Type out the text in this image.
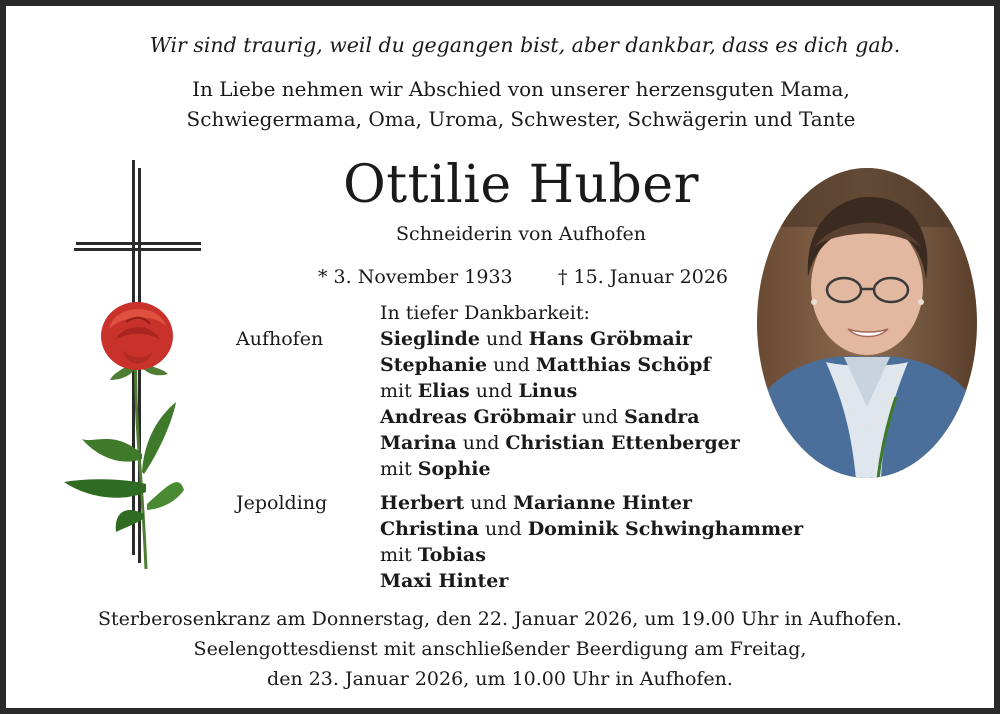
Wir sind traurig, weil du gegangen bist, aber dankbar, dass es dich gab.
In Liebe nehmen wir Abschied von unserer herzensguten Mama,
Schwiegermama, Oma, Uroma, Schwester, Schwägerin und Tante
Ottilie Huber
Schneiderin von Aufhofen
* 3. November 1933 † 15. Januar 2026
In tiefer Dankbarkeit:
Aufhofen	Sieglinde und Hans Gröbmair
Stephanie und Matthias Schöpf
mit Elias und Linus
Andreas Gröbmair und Sandra
Marina und Christian Ettenberger
mit Sophie
Jepolding	Herbert und Marianne Hinter
Christina und Dominik Schwinghammer
mit Tobias
Maxi Hinter
Sterberosenkranz am Donnerstag, den 22. Januar 2026, um 19.00 Uhr in Aufhofen.
Seelengottesdienst mit anschließender Beerdigung am Freitag,
den 23. Januar 2026, um 10.00 Uhr in Aufhofen.
